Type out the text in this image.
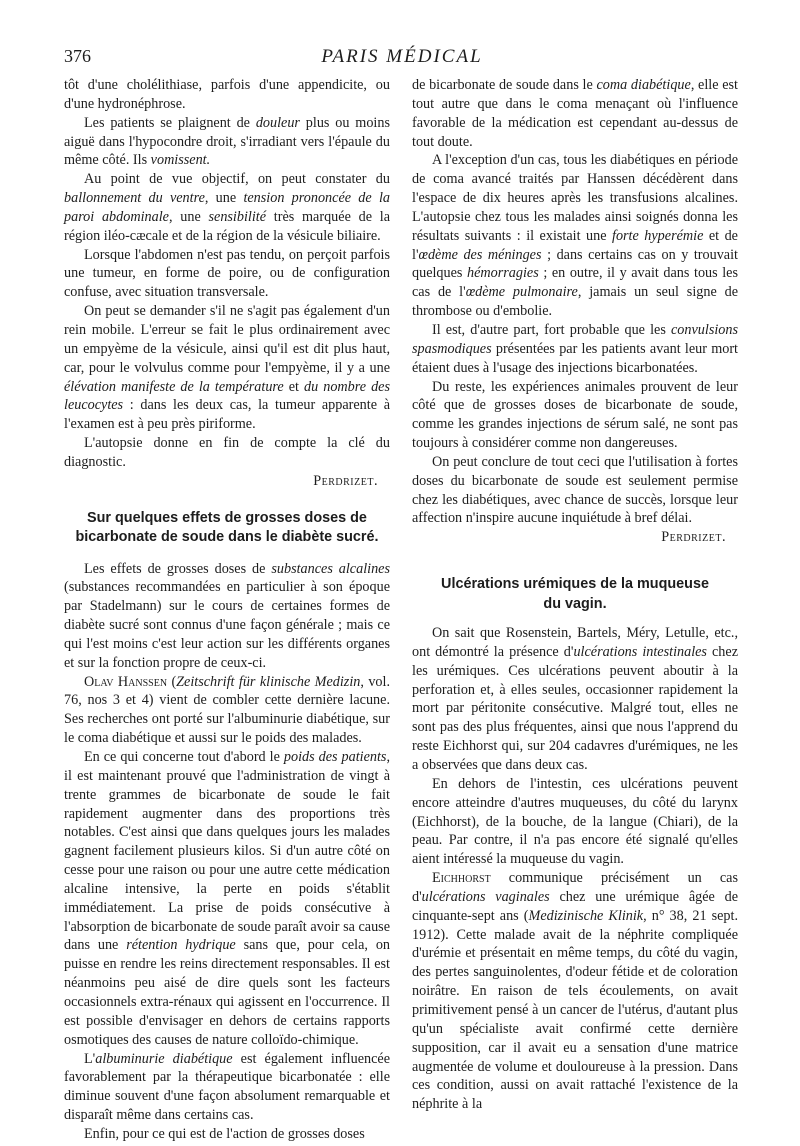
376	PARIS MÉDICAL

tôt d'une cholélithiase, parfois d'une appendicite, ou d'une hydronéphrose.

Les patients se plaignent de douleur plus ou moins aiguë dans l'hypocondre droit, s'irradiant vers l'épaule du même côté. Ils vomissent.

Au point de vue objectif, on peut constater du ballonnement du ventre, une tension prononcée de la paroi abdominale, une sensibilité très marquée de la région iléo-cæcale et de la région de la vésicule biliaire.

Lorsque l'abdomen n'est pas tendu, on perçoit parfois une tumeur, en forme de poire, ou de configuration confuse, avec situation transversale.

On peut se demander s'il ne s'agit pas également d'un rein mobile. L'erreur se fait le plus ordinairement avec un empyème de la vésicule, ainsi qu'il est dit plus haut, car, pour le volvulus comme pour l'empyème, il y a une élévation manifeste de la température et du nombre des leucocytes : dans les deux cas, la tumeur apparente à l'examen est à peu près piriforme.

L'autopsie donne en fin de compte la clé du diagnostic.

Perdrizet.

Sur quelques effets de grosses doses de bicarbonate de soude dans le diabète sucré.

Les effets de grosses doses de substances alcalines (substances recommandées en particulier à son époque par Stadelmann) sur le cours de certaines formes de diabète sucré sont connus d'une façon générale ; mais ce qui l'est moins c'est leur action sur les différents organes et sur la fonction propre de ceux-ci.

Olav Hanssen (Zeitschrift für klinische Medizin, vol. 76, nos 3 et 4) vient de combler cette dernière lacune. Ses recherches ont porté sur l'albuminurie diabétique, sur le coma diabétique et aussi sur le poids des malades.

En ce qui concerne tout d'abord le poids des patients, il est maintenant prouvé que l'administration de vingt à trente grammes de bicarbonate de soude le fait rapidement augmenter dans des proportions très notables. C'est ainsi que dans quelques jours les malades gagnent facilement plusieurs kilos. Si d'un autre côté on cesse pour une raison ou pour une autre cette médication alcaline intensive, la perte en poids s'établit immédiatement. La prise de poids consécutive à l'absorption de bicarbonate de soude paraît avoir sa cause dans une rétention hydrique sans que, pour cela, on puisse en rendre les reins directement responsables. Il est néanmoins peu aisé de dire quels sont les facteurs occasionnels extra-rénaux qui agissent en l'occurrence. Il est possible d'envisager en dehors de certains rapports osmotiques des causes de nature colloïdo-chimique.

L'albuminurie diabétique est également influencée favorablement par la thérapeutique bicarbonatée : elle diminue souvent d'une façon absolument remarquable et disparaît même dans certains cas.

Enfin, pour ce qui est de l'action de grosses doses

de bicarbonate de soude dans le coma diabétique, elle est tout autre que dans le coma menaçant où l'influence favorable de la médication est cependant au-dessus de tout doute.

A l'exception d'un cas, tous les diabétiques en période de coma avancé traités par Hanssen décédèrent dans l'espace de dix heures après les transfusions alcalines. L'autopsie chez tous les malades ainsi soignés donna les résultats suivants : il existait une forte hyperémie et de l'œdème des méninges ; dans certains cas on y trouvait quelques hémorragies ; en outre, il y avait dans tous les cas de l'œdème pulmonaire, jamais un seul signe de thrombose ou d'embolie.

Il est, d'autre part, fort probable que les convulsions spasmodiques présentées par les patients avant leur mort étaient dues à l'usage des injections bicarbonatées.

Du reste, les expériences animales prouvent de leur côté que de grosses doses de bicarbonate de soude, comme les grandes injections de sérum salé, ne sont pas toujours à considérer comme non dangereuses.

On peut conclure de tout ceci que l'utilisation à fortes doses du bicarbonate de soude est seulement permise chez les diabétiques, avec chance de succès, lorsque leur affection n'inspire aucune inquiétude à bref délai.

Perdrizet.

Ulcérations urémiques de la muqueuse du vagin.

On sait que Rosenstein, Bartels, Méry, Letulle, etc., ont démontré la présence d'ulcérations intestinales chez les urémiques. Ces ulcérations peuvent aboutir à la perforation et, à elles seules, occasionner rapidement la mort par péritonite consécutive. Malgré tout, elles ne sont pas des plus fréquentes, ainsi que nous l'apprend du reste Eichhorst qui, sur 204 cadavres d'urémiques, ne les a observées que dans deux cas.

En dehors de l'intestin, ces ulcérations peuvent encore atteindre d'autres muqueuses, du côté du larynx (Eichhorst), de la bouche, de la langue (Chiari), de la peau. Par contre, il n'a pas encore été signalé qu'elles aient intéressé la muqueuse du vagin.

Eichhorst communique précisément un cas d'ulcérations vaginales chez une urémique âgée de cinquante-sept ans (Medizinische Klinik, n° 38, 21 sept. 1912). Cette malade avait de la néphrite compliquée d'urémie et présentait en même temps, du côté du vagin, des pertes sanguinolentes, d'odeur fétide et de coloration noirâtre. En raison de tels écoulements, on avait primitivement pensé à un cancer de l'utérus, d'autant plus qu'un spécialiste avait confirmé cette dernière supposition, car il avait eu a sensation d'une matrice augmentée de volume et douloureuse à la pression. Dans ces condition, aussi on avait rattaché l'existence de la néphrite à la
